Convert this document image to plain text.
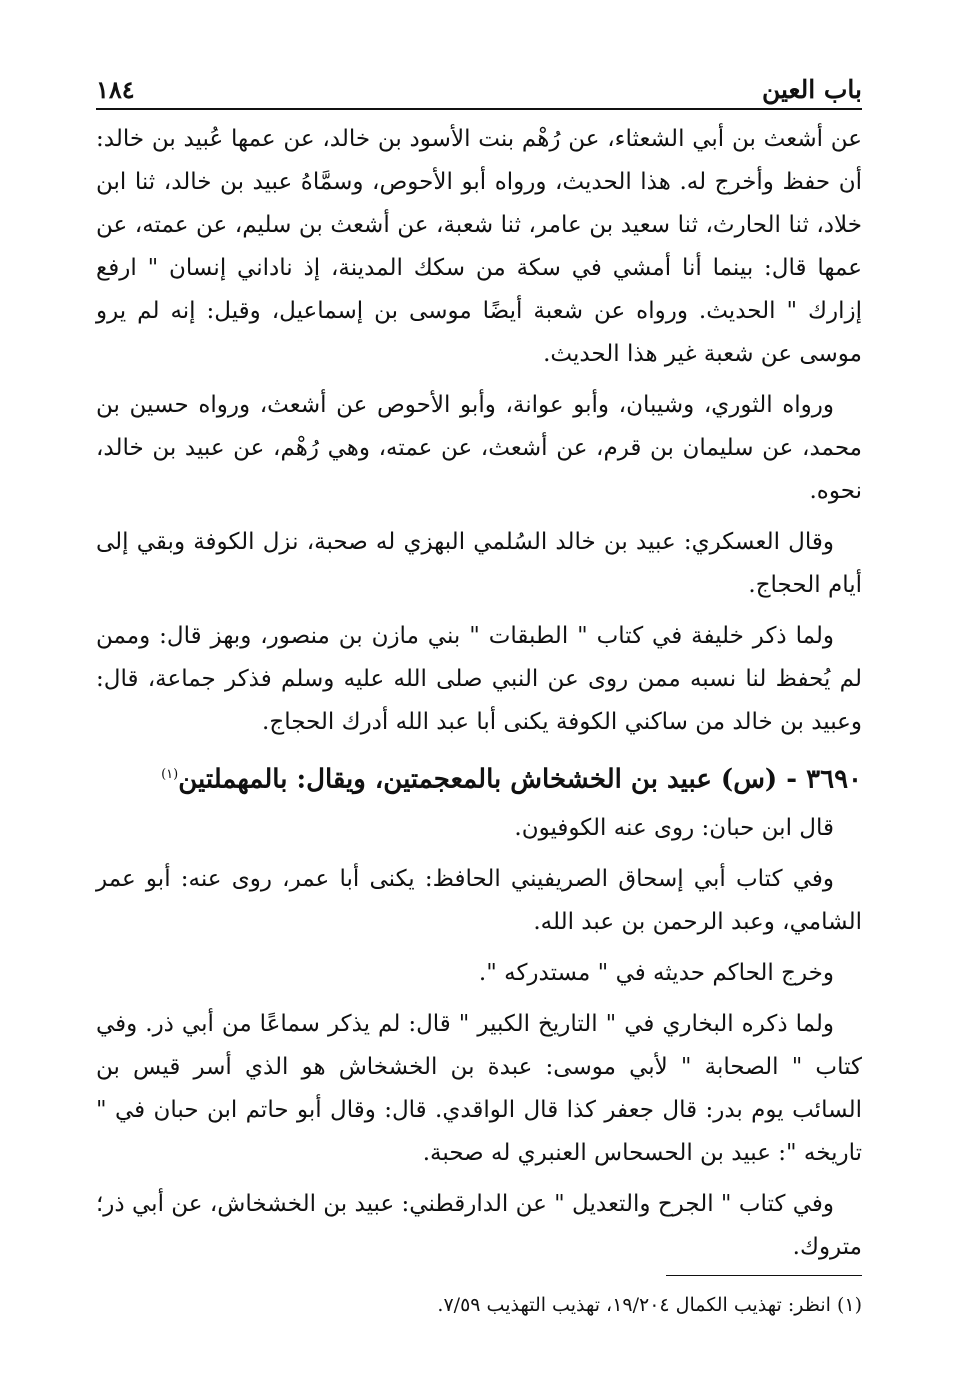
باب العين
١٨٤

عن أشعث بن أبي الشعثاء، عن رُهْم بنت الأسود بن خالد، عن عمها عُبيد بن خالد: أن حفظ وأخرج له. هذا الحديث، ورواه أبو الأحوص، وسمَّاهُ عبيد بن خالد، ثنا ابن خلاد، ثنا الحارث، ثنا سعيد بن عامر، ثنا شعبة، عن أشعث بن سليم، عن عمته، عن عمها قال: بينما أنا أمشي في سكة من سكك المدينة، إذ ناداني إنسان " ارفع إزارك " الحديث. ورواه عن شعبة أيضًا موسى بن إسماعيل، وقيل: إنه لم يرو موسى عن شعبة غير هذا الحديث.

ورواه الثوري، وشيبان، وأبو عوانة، وأبو الأحوص عن أشعث، ورواه حسين بن محمد، عن سليمان بن قرم، عن أشعث، عن عمته، وهي رُهْم، عن عبيد بن خالد، نحوه.

وقال العسكري: عبيد بن خالد السُلمي البهزي له صحبة، نزل الكوفة وبقي إلى أيام الحجاج.

ولما ذكر خليفة في كتاب " الطبقات " بني مازن بن منصور، وبهز قال: وممن لم يُحفظ لنا نسبه ممن روى عن النبي صلى الله عليه وسلم فذكر جماعة، قال: وعبيد بن خالد من ساكني الكوفة يكنى أبا عبد الله أدرك الحجاج.

٣٦٩٠ - (س) عبيد بن الخشخاش بالمعجمتين، ويقال: بالمهملتين$^{(١)}$

قال ابن حبان: روى عنه الكوفيون.

وفي كتاب أبي إسحاق الصريفيني الحافظ: يكنى أبا عمر، روى عنه: أبو عمر الشامي، وعبد الرحمن بن عبد الله.

وخرج الحاكم حديثه في " مستدركه ".

ولما ذكره البخاري في " التاريخ الكبير " قال: لم يذكر سماعًا من أبي ذر. وفي كتاب " الصحابة " لأبي موسى: عبدة بن الخشخاش هو الذي أسر قيس بن السائب يوم بدر: قال جعفر كذا قال الواقدي. قال: وقال أبو حاتم ابن حبان في " تاريخه ": عبيد بن الحسحاس العنبري له صحبة.

وفي كتاب " الجرح والتعديل " عن الدارقطني: عبيد بن الخشخاش، عن أبي ذر؛ متروك.

(١) انظر: تهذيب الكمال ١٩/٢٠٤، تهذيب التهذيب ٧/٥٩.
